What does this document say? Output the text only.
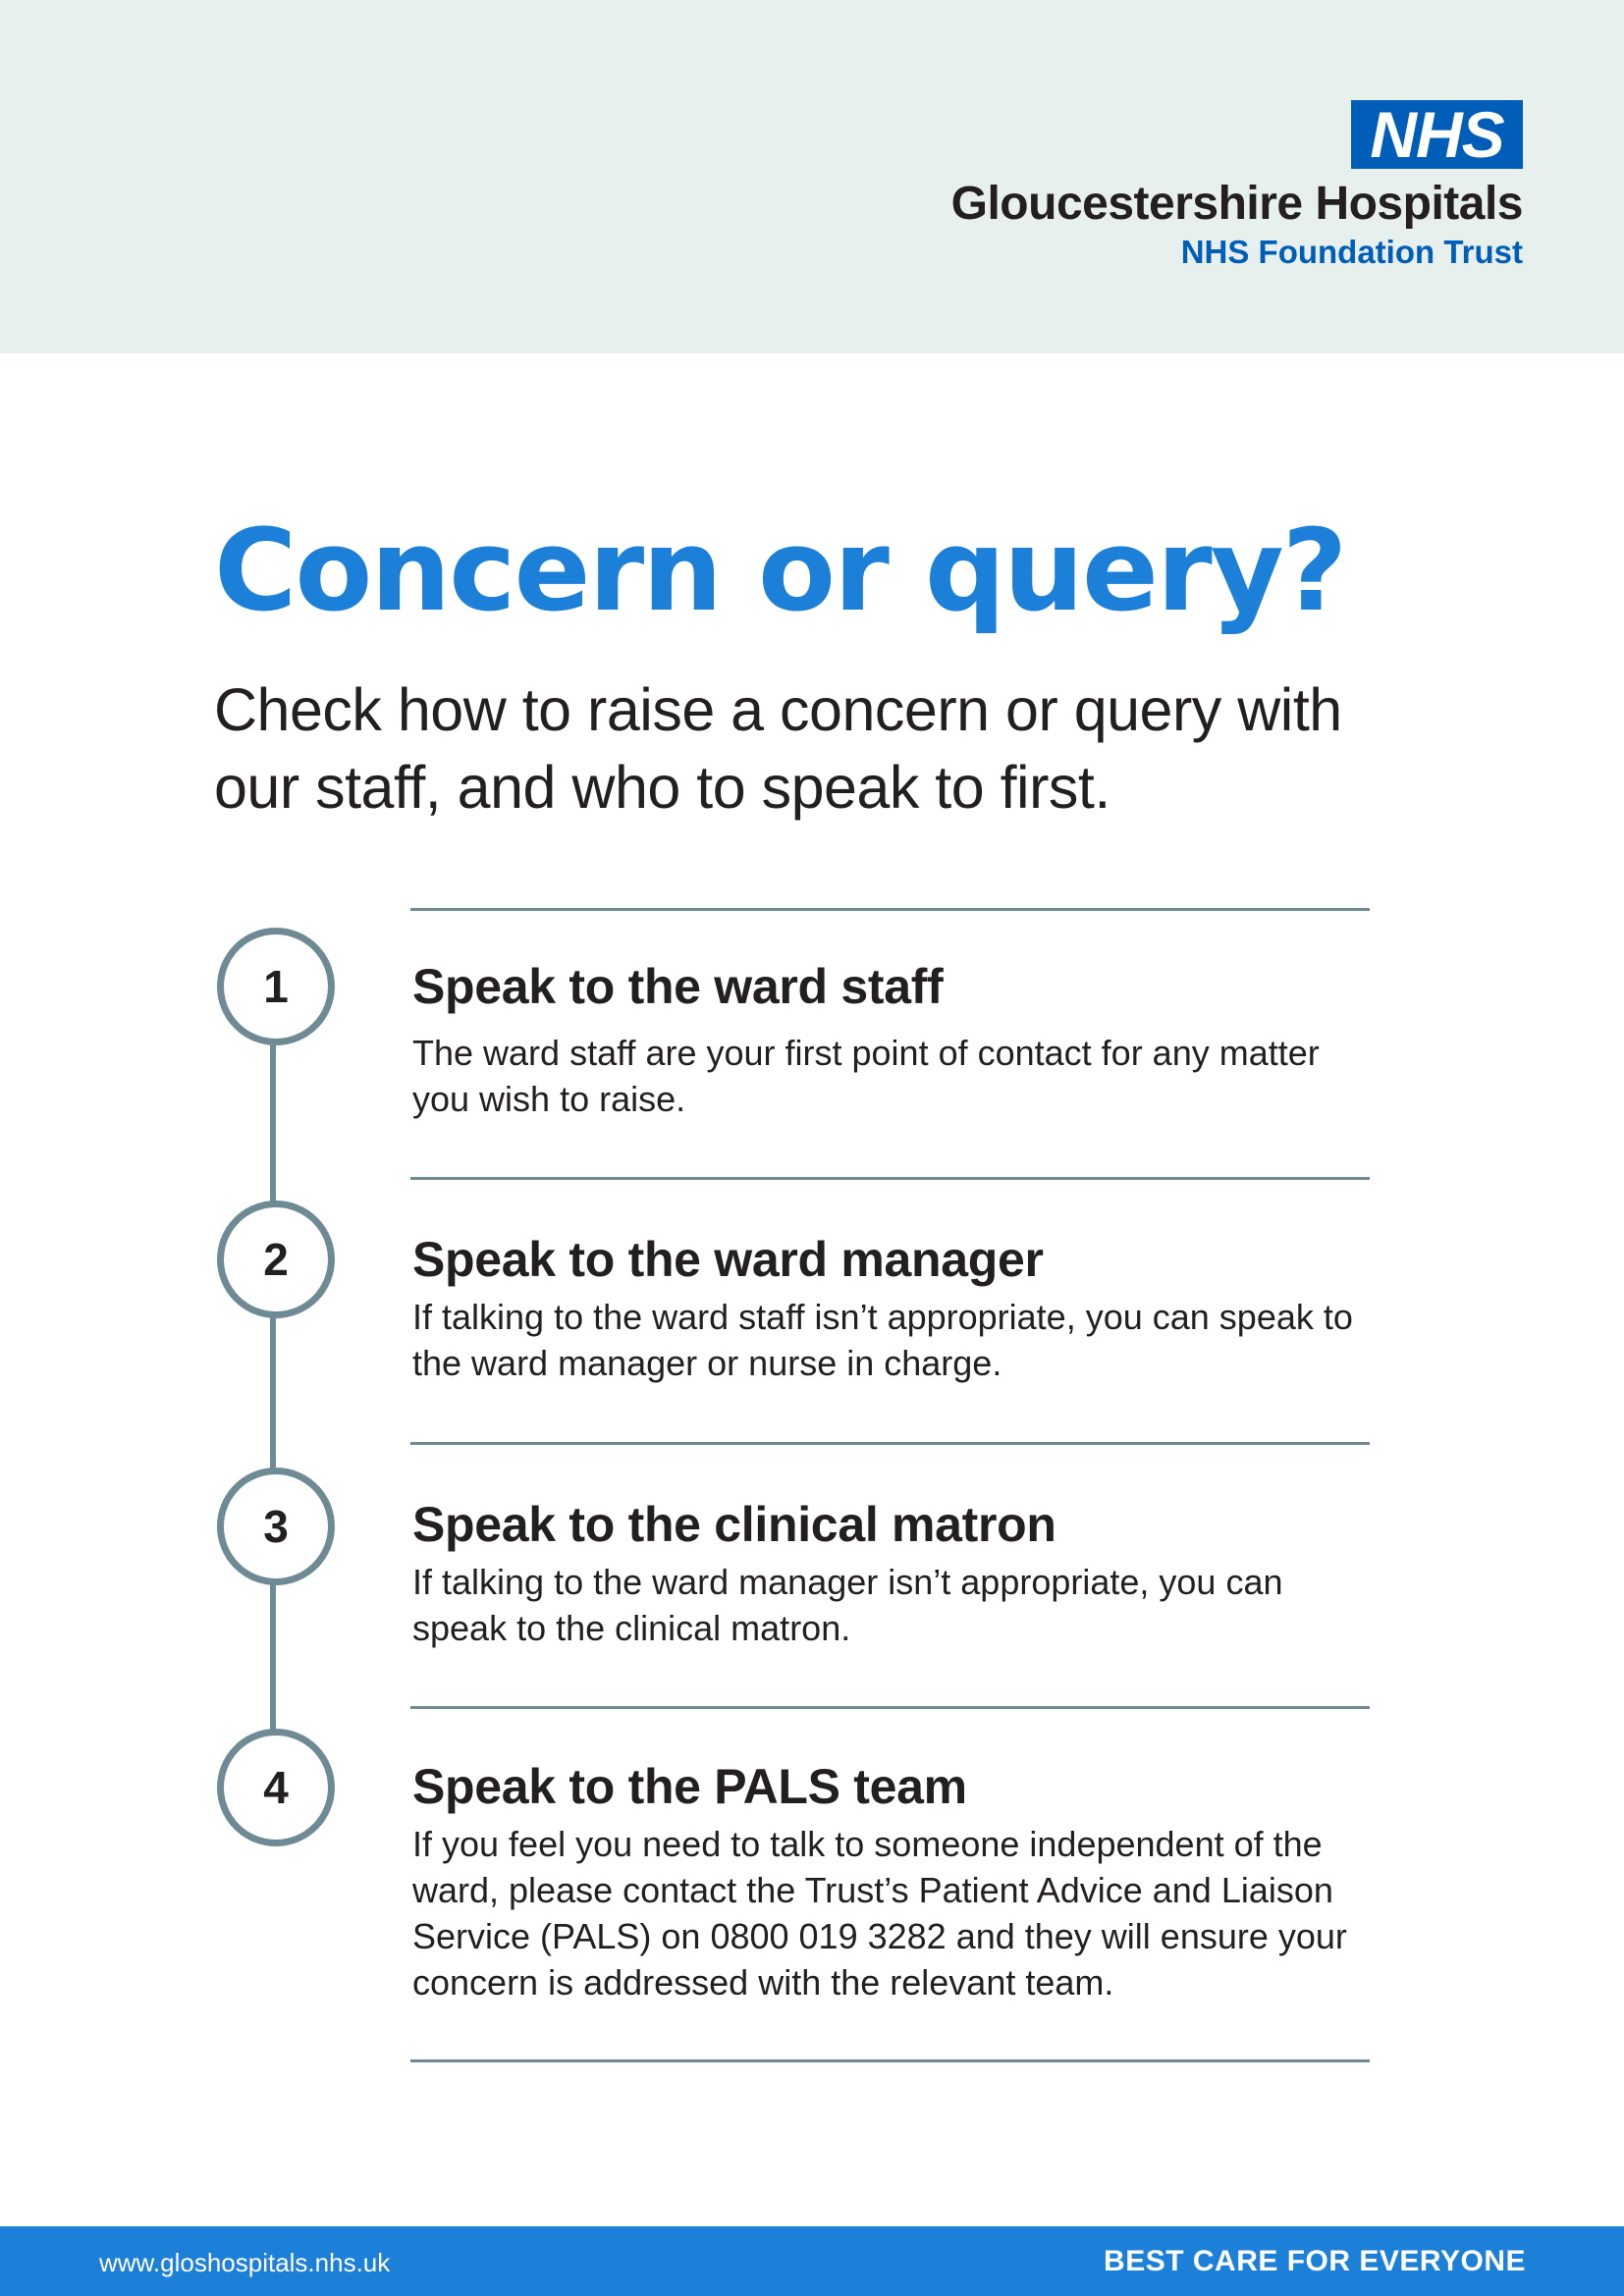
NHS
Gloucestershire Hospitals
NHS Foundation Trust
Concern or query?
Check how to raise a concern or query with our staff, and who to speak to first.
1	Speak to the ward staff
The ward staff are your first point of contact for any matter you wish to raise.
2	Speak to the ward manager
If talking to the ward staff isn’t appropriate, you can speak to the ward manager or nurse in charge.
3	Speak to the clinical matron
If talking to the ward manager isn’t appropriate, you can speak to the clinical matron.
4	Speak to the PALS team
If you feel you need to talk to someone independent of the ward, please contact the Trust’s Patient Advice and Liaison Service (PALS) on 0800 019 3282 and they will ensure your concern is addressed with the relevant team.
www.gloshospitals.nhs.uk	BEST CARE FOR EVERYONE
